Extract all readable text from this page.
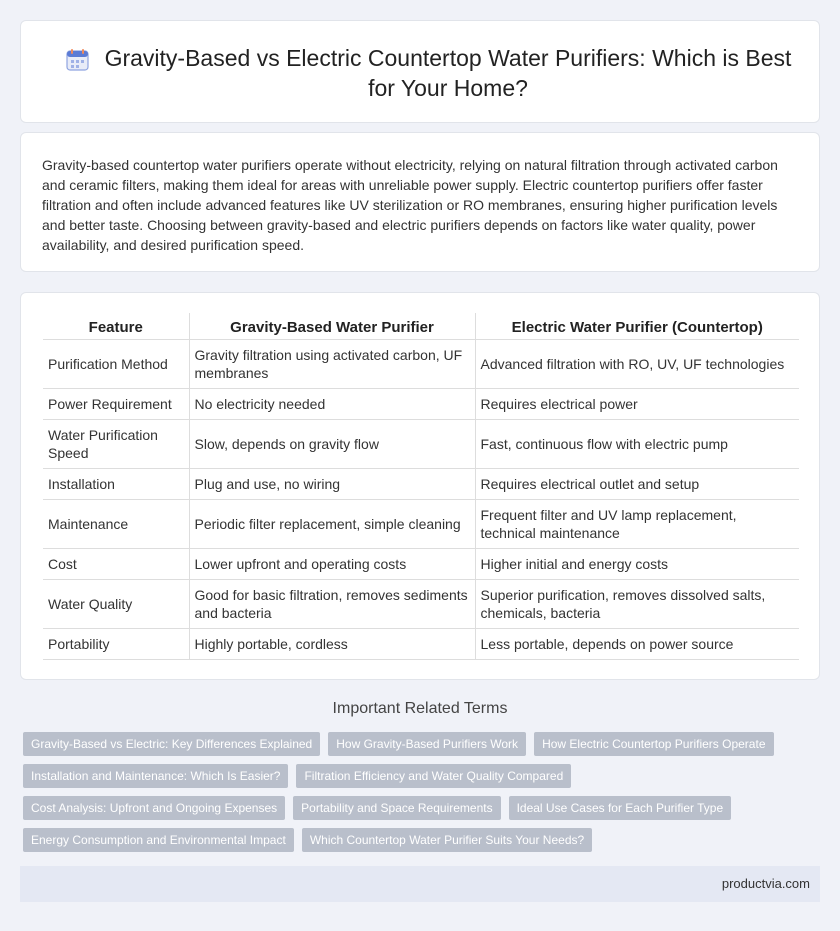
Gravity-Based vs Electric Countertop Water Purifiers: Which is Best for Your Home?

Gravity-based countertop water purifiers operate without electricity, relying on natural filtration through activated carbon and ceramic filters, making them ideal for areas with unreliable power supply. Electric countertop purifiers offer faster filtration and often include advanced features like UV sterilization or RO membranes, ensuring higher purification levels and better taste. Choosing between gravity-based and electric purifiers depends on factors like water quality, power availability, and desired purification speed.

Feature	Gravity-Based Water Purifier	Electric Water Purifier (Countertop)
Purification Method	Gravity filtration using activated carbon, UF membranes	Advanced filtration with RO, UV, UF technologies
Power Requirement	No electricity needed	Requires electrical power
Water Purification Speed	Slow, depends on gravity flow	Fast, continuous flow with electric pump
Installation	Plug and use, no wiring	Requires electrical outlet and setup
Maintenance	Periodic filter replacement, simple cleaning	Frequent filter and UV lamp replacement, technical maintenance
Cost	Lower upfront and operating costs	Higher initial and energy costs
Water Quality	Good for basic filtration, removes sediments and bacteria	Superior purification, removes dissolved salts, chemicals, bacteria
Portability	Highly portable, cordless	Less portable, depends on power source
Important Related Terms
Gravity-Based vs Electric: Key Differences Explained	How Gravity-Based Purifiers Work	How Electric Countertop Purifiers Operate
Installation and Maintenance: Which Is Easier?	Filtration Efficiency and Water Quality Compared
Cost Analysis: Upfront and Ongoing Expenses	Portability and Space Requirements	Ideal Use Cases for Each Purifier Type
Energy Consumption and Environmental Impact	Which Countertop Water Purifier Suits Your Needs?
productvia.com
